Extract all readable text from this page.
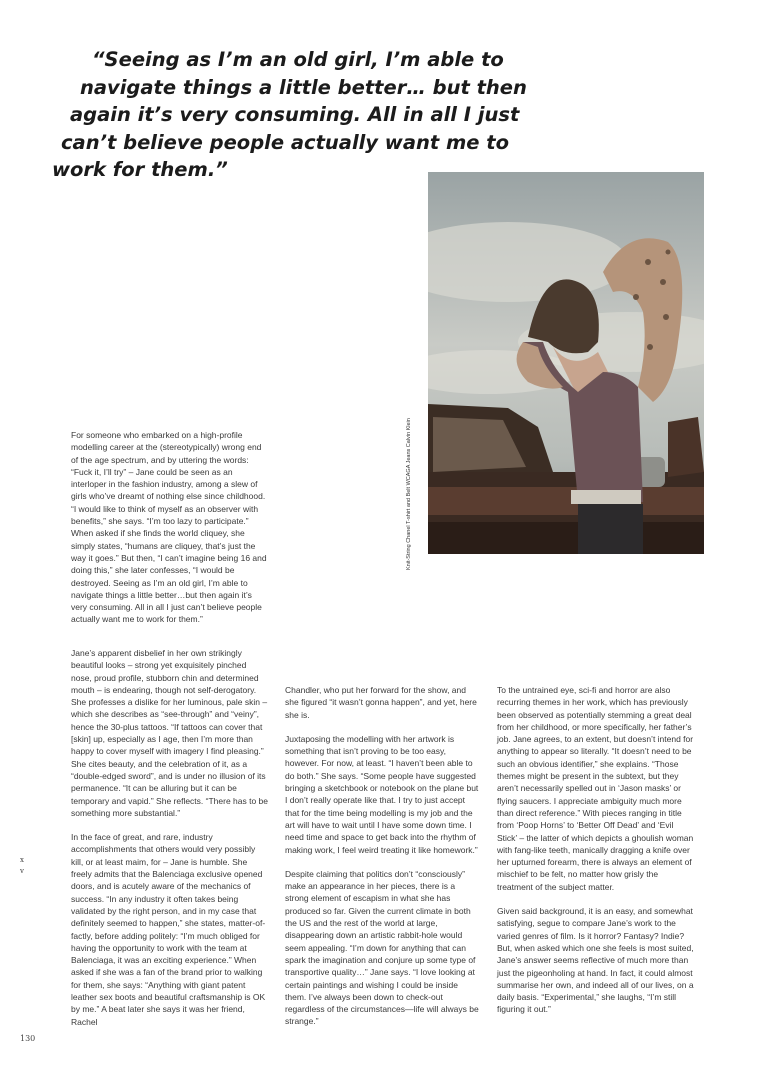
“Seeing as I’m an old girl, I’m able to
navigate things a little better… but then
again it’s very consuming. All in all I just
can’t believe people actually want me to
work for them.”
Knit-String Chanel T-shirt and Belt WCAGA Jeans Calvin Klein

For someone who embarked on a high-profile modelling career at the (stereotypically) wrong end of the age spectrum, and by uttering the words: “Fuck it, I’ll try” – Jane could be seen as an interloper in the fashion industry, among a slew of girls who’ve dreamt of nothing else since childhood. “I would like to think of myself as an observer with benefits,” she says. “I’m too lazy to participate.” When asked if she finds the world cliquey, she simply states, “humans are cliquey, that’s just the way it goes.” But then, “I can’t imagine being 16 and doing this,” she later confesses, “I would be destroyed. Seeing as I’m an old girl, I’m able to navigate things a little better…but then again it’s very consuming. All in all I just can’t believe people actually want me to work for them.”

Jane’s apparent disbelief in her own strikingly beautiful looks – strong yet exquisitely pinched nose, proud profile, stubborn chin and determined mouth – is endearing, though not self-derogatory. She professes a dislike for her luminous, pale skin – which she describes as “see-through” and “veiny”, hence the 30-plus tattoos. “If tattoos can cover that [skin] up, especially as I age, then I’m more than happy to cover myself with imagery I find pleasing.” She cites beauty, and the celebration of it, as a “double-edged sword”, and is under no illusion of its permanence. “It can be alluring but it can be temporary and vapid.” She reflects. “There has to be something more substantial.”

In the face of great, and rare, industry accomplishments that others would very possibly kill, or at least maim, for – Jane is humble. She freely admits that the Balenciaga exclusive opened doors, and is acutely aware of the mechanics of success. “In any industry it often takes being validated by the right person, and in my case that definitely seemed to happen,” she states, matter-of-factly, before adding politely: “I’m much obliged for having the opportunity to work with the team at Balenciaga, it was an exciting experience.” When asked if she was a fan of the brand prior to walking for them, she says: “Anything with giant patent leather sex boots and beautiful craftsmanship is OK by me.” A beat later she says it was her friend, Rachel

Chandler, who put her forward for the show, and she figured “it wasn’t gonna happen”, and yet, here she is.

Juxtaposing the modelling with her artwork is something that isn’t proving to be too easy, however. For now, at least. “I haven’t been able to do both.” She says. “Some people have suggested bringing a sketchbook or notebook on the plane but I don’t really operate like that. I try to just accept that for the time being modelling is my job and the art will have to wait until I have some down time. I need time and space to get back into the rhythm of making work, I feel weird treating it like homework.”

Despite claiming that politics don’t “consciously” make an appearance in her pieces, there is a strong element of escapism in what she has produced so far. Given the current climate in both the US and the rest of the world at large, disappearing down an artistic rabbit-hole would seem appealing. “I’m down for anything that can spark the imagination and conjure up some type of transportive quality…” Jane says. “I love looking at certain paintings and wishing I could be inside them. I’ve always been down to check-out regardless of the circumstances—life will always be strange.”

To the untrained eye, sci-fi and horror are also recurring themes in her work, which has previously been observed as potentially stemming a great deal from her childhood, or more specifically, her father’s job. Jane agrees, to an extent, but doesn’t intend for anything to appear so literally. “It doesn’t need to be such an obvious identifier,” she explains. “Those themes might be present in the subtext, but they aren’t necessarily spelled out in ‘Jason masks’ or flying saucers. I appreciate ambiguity much more than direct reference.” With pieces ranging in title from ‘Poop Horns’ to ‘Better Off Dead’ and ‘Evil Stick’ – the latter of which depicts a ghoulish woman with fang-like teeth, manically dragging a knife over her upturned forearm, there is always an element of mischief to be felt, no matter how grisly the treatment of the subject matter.

Given said background, it is an easy, and somewhat satisfying, segue to compare Jane’s work to the varied genres of film. Is it horror? Fantasy? Indie? But, when asked which one she feels is most suited, Jane’s answer seems reflective of much more than just the pigeonholing at hand. In fact, it could almost summarise her own, and indeed all of our lives, on a daily basis. “Experimental,” she laughs, “I’m still figuring it out.”

x
v
130
